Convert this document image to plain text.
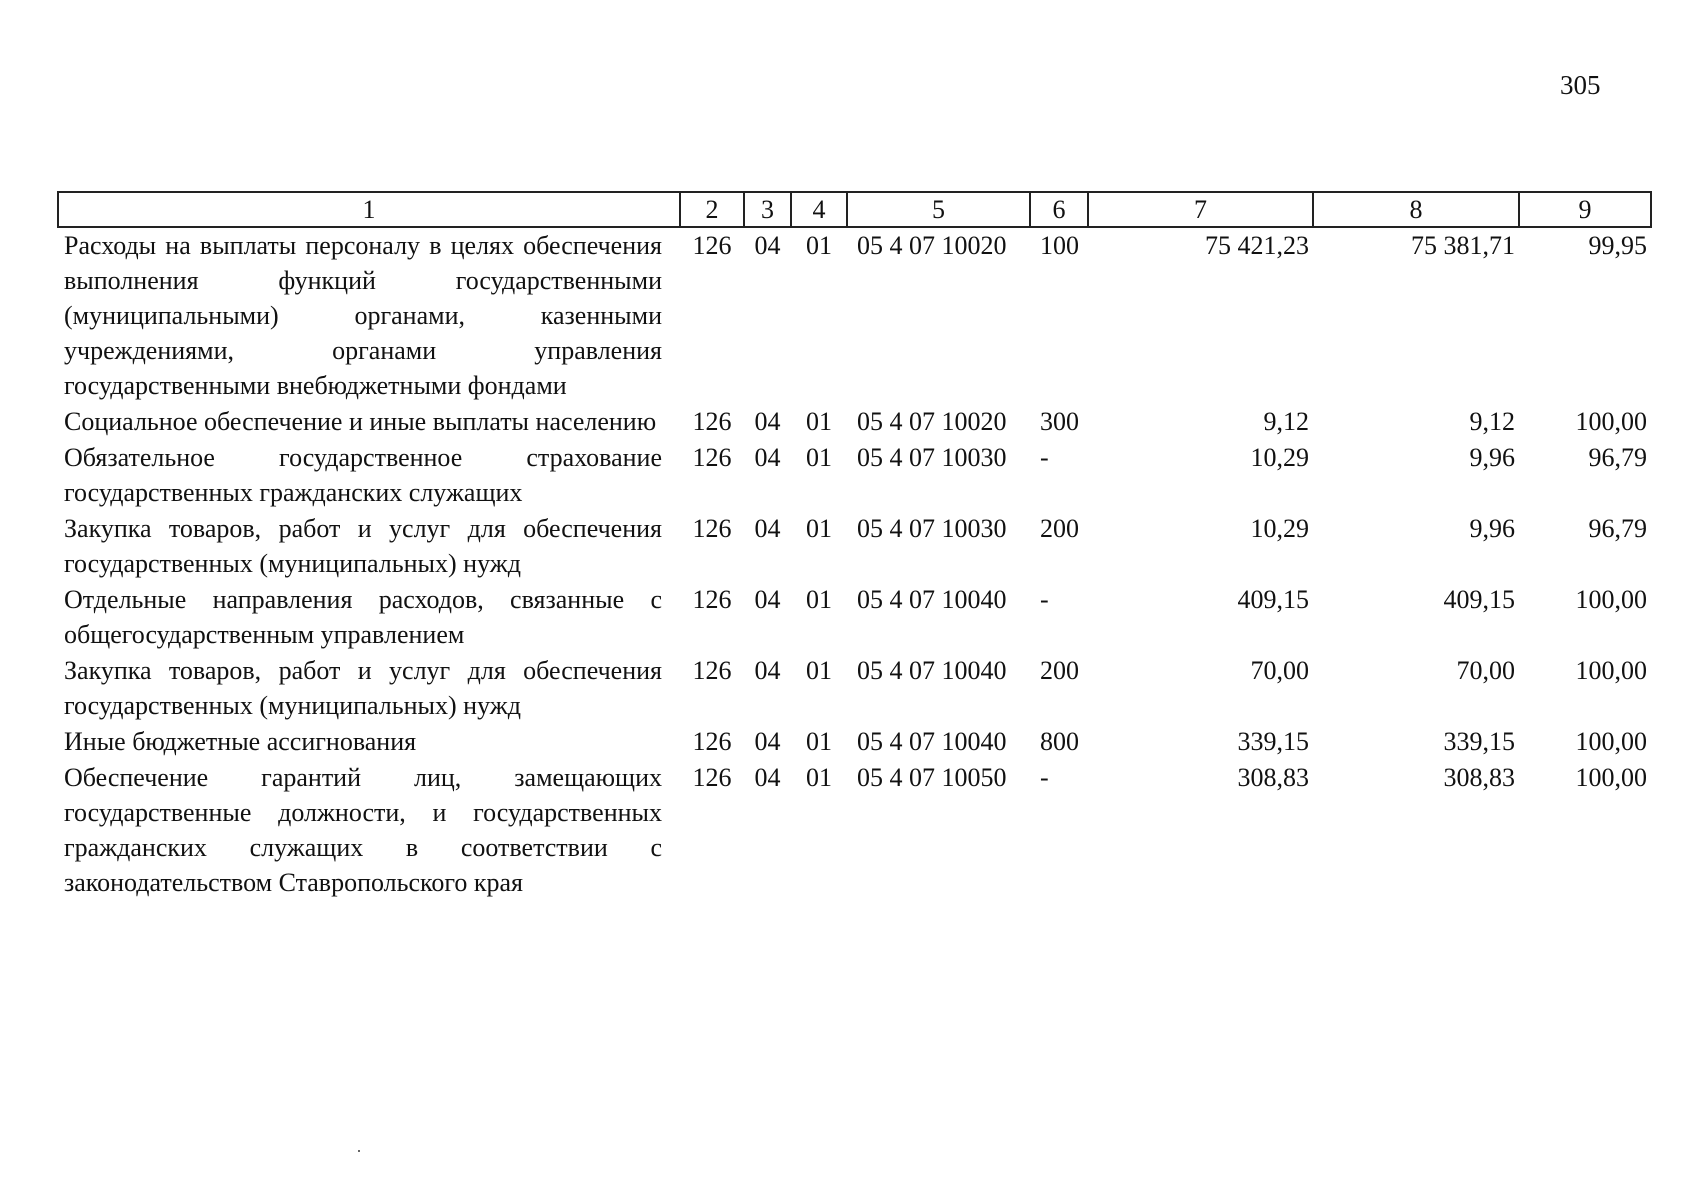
305
1	2	3	4	5	6	7	8	9
Расходы на выплаты персоналу в целях обеспечения выполнения функций государственными (муниципальными) органами, казенными учреждениями, органами управления государственными внебюджетными фондами	126	04	01	05 4 07 10020	100	75 421,23	75 381,71	99,95
Социальное обеспечение и иные выплаты населению	126	04	01	05 4 07 10020	300	9,12	9,12	100,00
Обязательное государственное страхование государственных гражданских служащих	126	04	01	05 4 07 10030	-	10,29	9,96	96,79
Закупка товаров, работ и услуг для обеспечения государственных (муниципальных) нужд	126	04	01	05 4 07 10030	200	10,29	9,96	96,79
Отдельные направления расходов, связанные с общегосударственным управлением	126	04	01	05 4 07 10040	-	409,15	409,15	100,00
Закупка товаров, работ и услуг для обеспечения государственных (муниципальных) нужд	126	04	01	05 4 07 10040	200	70,00	70,00	100,00
Иные бюджетные ассигнования	126	04	01	05 4 07 10040	800	339,15	339,15	100,00
Обеспечение гарантий лиц, замещающих государственные должности, и государственных гражданских служащих в соответствии с законодательством Ставропольского края	126	04	01	05 4 07 10050	-	308,83	308,83	100,00
